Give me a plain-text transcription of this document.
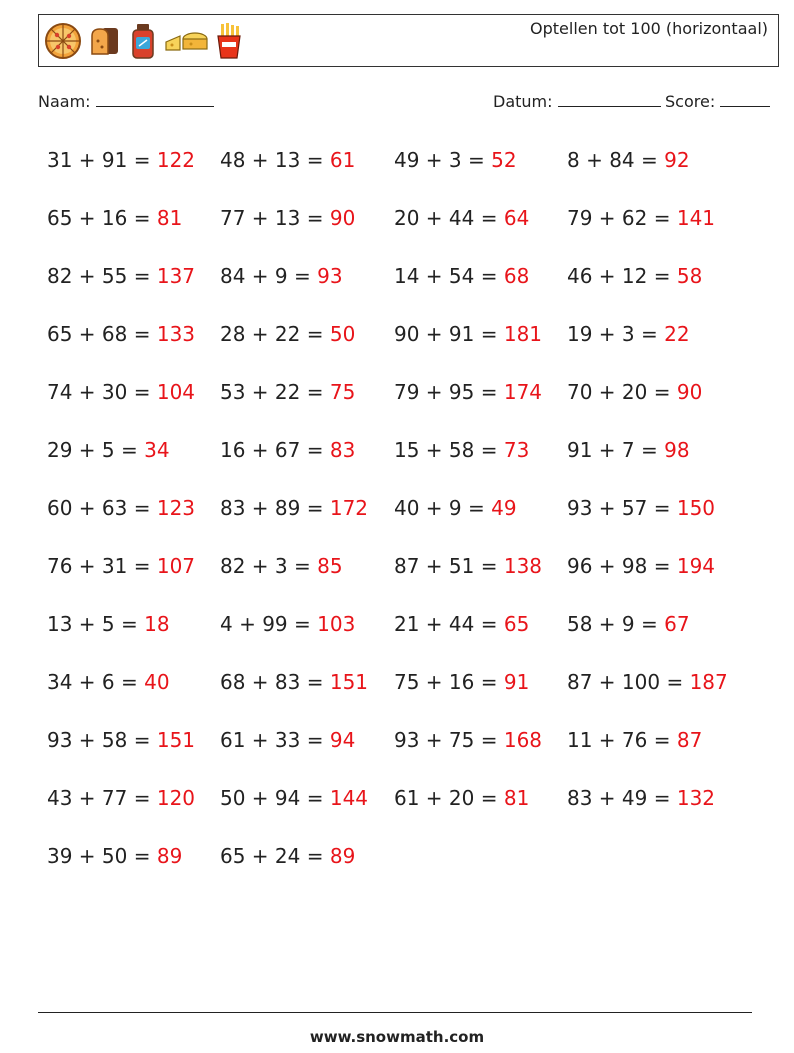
Optellen tot 100 (horizontaal)
Naam:	Datum:	Score:
31 + 91 = 122	48 + 13 = 61	49 + 3 = 52	8 + 84 = 92
65 + 16 = 81	77 + 13 = 90	20 + 44 = 64	79 + 62 = 141
82 + 55 = 137	84 + 9 = 93	14 + 54 = 68	46 + 12 = 58
65 + 68 = 133	28 + 22 = 50	90 + 91 = 181	19 + 3 = 22
74 + 30 = 104	53 + 22 = 75	79 + 95 = 174	70 + 20 = 90
29 + 5 = 34	16 + 67 = 83	15 + 58 = 73	91 + 7 = 98
60 + 63 = 123	83 + 89 = 172	40 + 9 = 49	93 + 57 = 150
76 + 31 = 107	82 + 3 = 85	87 + 51 = 138	96 + 98 = 194
13 + 5 = 18	4 + 99 = 103	21 + 44 = 65	58 + 9 = 67
34 + 6 = 40	68 + 83 = 151	75 + 16 = 91	87 + 100 = 187
93 + 58 = 151	61 + 33 = 94	93 + 75 = 168	11 + 76 = 87
43 + 77 = 120	50 + 94 = 144	61 + 20 = 81	83 + 49 = 132
39 + 50 = 89	65 + 24 = 89
www.snowmath.com
